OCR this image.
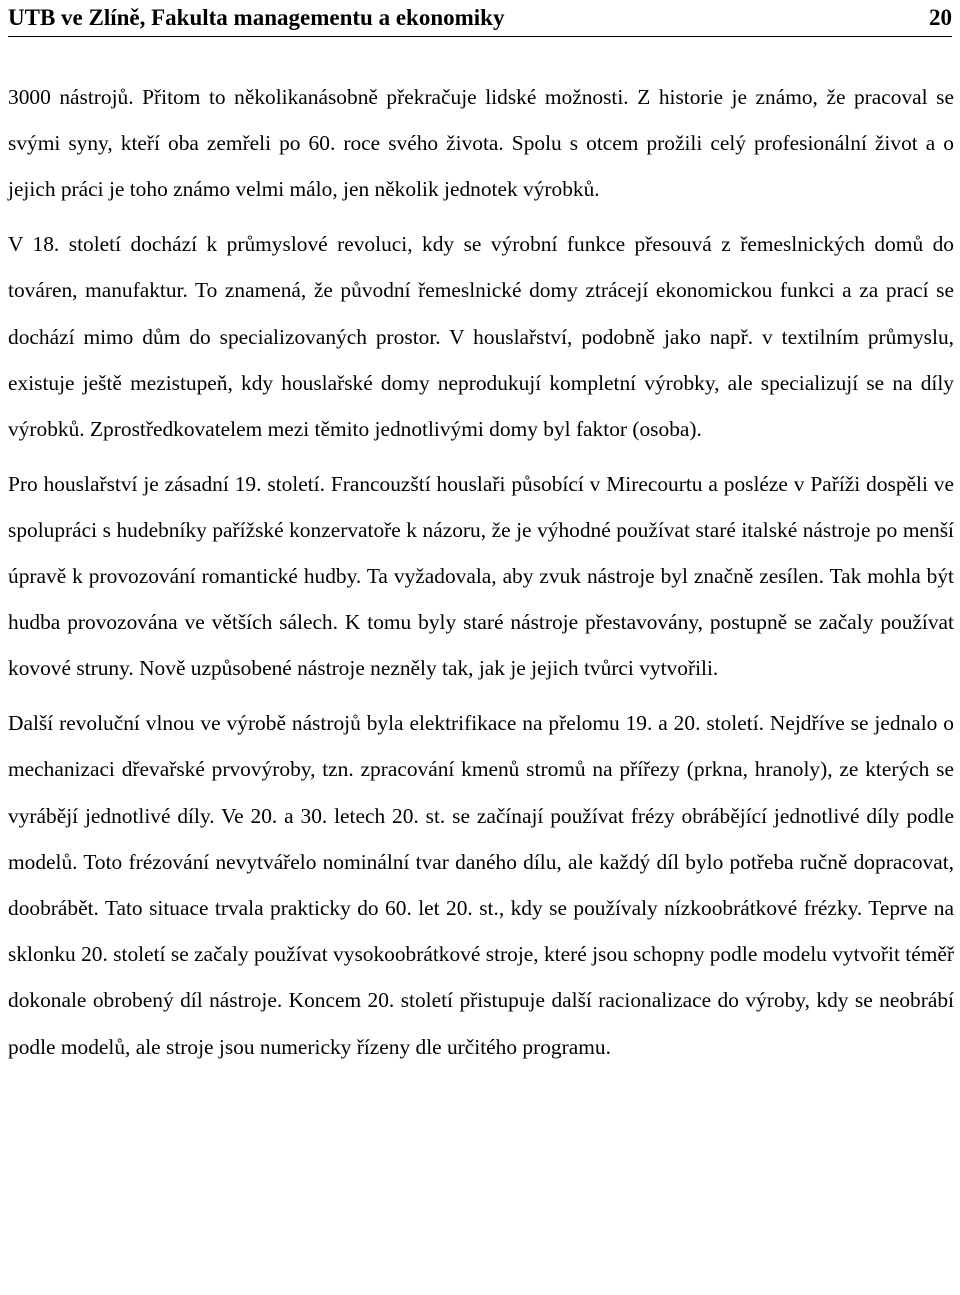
UTB ve Zlíně, Fakulta managementu a ekonomiky	20

3000 nástrojů. Přitom to několikanásobně překračuje lidské možnosti. Z historie je známo, že pracoval se svými syny, kteří oba zemřeli po 60. roce svého života. Spolu s otcem prožili celý profesionální život a o jejich práci je toho známo velmi málo, jen několik jednotek výrobků.

V 18. století dochází k průmyslové revoluci, kdy se výrobní funkce přesouvá z řemeslnických domů do továren, manufaktur. To znamená, že původní řemeslnické domy ztrácejí ekonomickou funkci a za prací se dochází mimo dům do specializovaných prostor. V houslařství, podobně jako např. v textilním průmyslu, existuje ještě mezistupeň, kdy houslařské domy neprodukují kompletní výrobky, ale specializují se na díly výrobků. Zprostředkovatelem mezi těmito jednotlivými domy byl faktor (osoba).

Pro houslařství je zásadní 19. století. Francouzští houslaři působící v Mirecourtu a posléze v Paříži dospěli ve spolupráci s hudebníky pařížské konzervatoře k názoru, že je výhodné používat staré italské nástroje po menší úpravě k provozování romantické hudby. Ta vyžadovala, aby zvuk nástroje byl značně zesílen. Tak mohla být hudba provozována ve větších sálech. K tomu byly staré nástroje přestavovány, postupně se začaly používat kovové struny. Nově uzpůsobené nástroje nezněly tak, jak je jejich tvůrci vytvořili.

Další revoluční vlnou ve výrobě nástrojů byla elektrifikace na přelomu 19. a 20. století. Nejdříve se jednalo o mechanizaci dřevařské prvovýroby, tzn. zpracování kmenů stromů na přířezy (prkna, hranoly), ze kterých se vyrábějí jednotlivé díly. Ve 20. a 30. letech 20. st. se začínají používat frézy obrábějící jednotlivé díly podle modelů. Toto frézování nevytvářelo nominální tvar daného dílu, ale každý díl bylo potřeba ručně dopracovat, doobrábět. Tato situace trvala prakticky do 60. let 20. st., kdy se používaly nízkoobrátkové frézky. Teprve na sklonku 20. století se začaly používat vysokoobrátkové stroje, které jsou schopny podle modelu vytvořit téměř dokonale obrobený díl nástroje. Koncem 20. století přistupuje další racionalizace do výroby, kdy se neobrábí podle modelů, ale stroje jsou numericky řízeny dle určitého programu.
